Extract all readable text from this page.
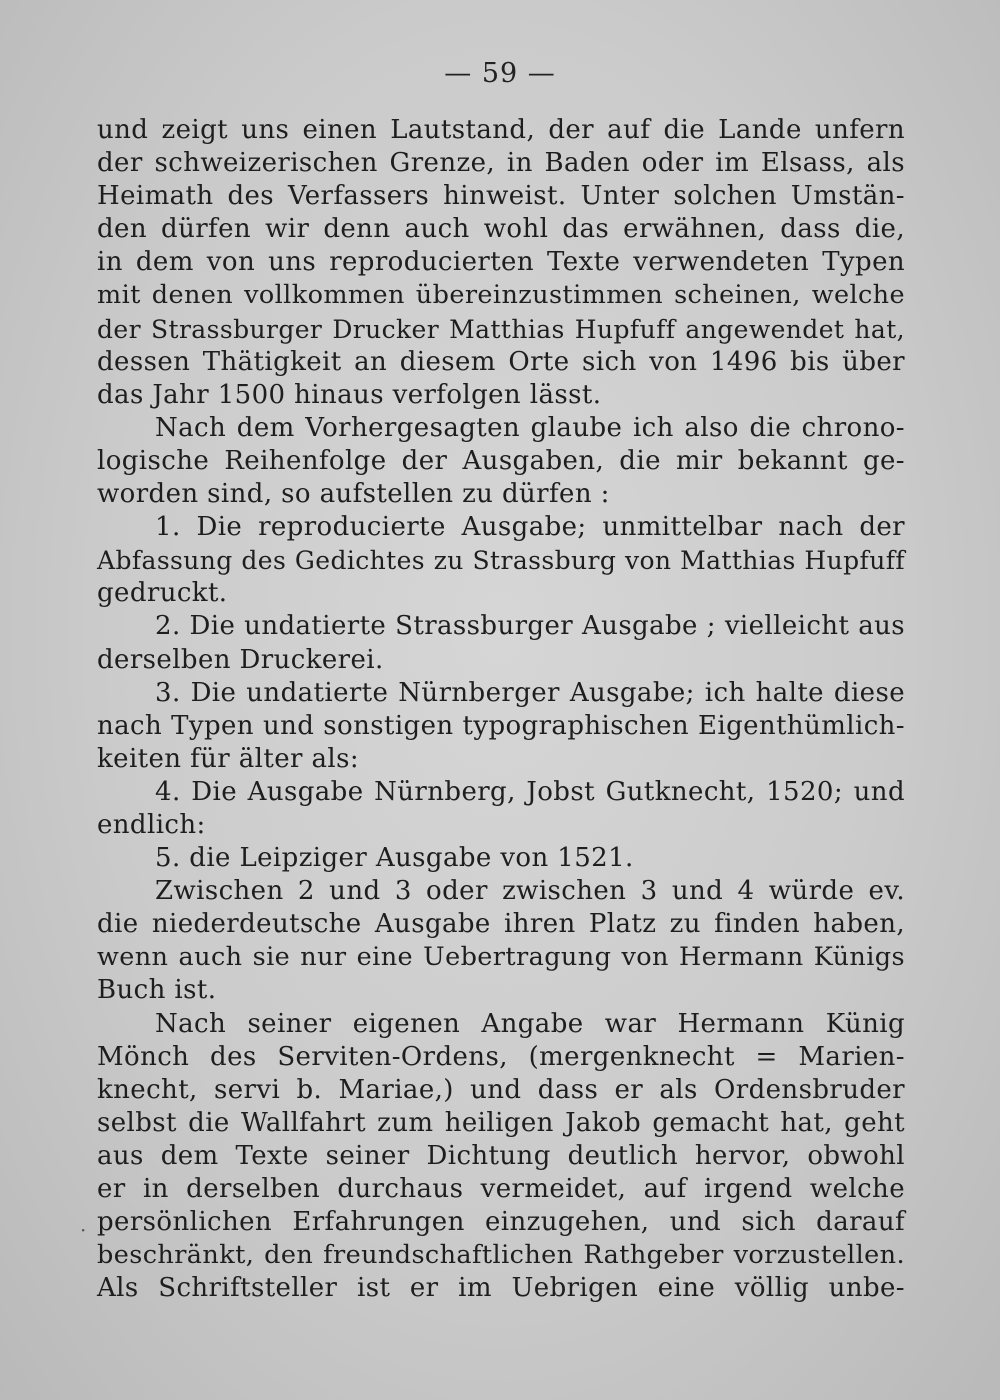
— 59 —
und zeigt uns einen Lautstand, der auf die Lande unfern
der schweizerischen Grenze, in Baden oder im Elsass, als
Heimath des Verfassers hinweist. Unter solchen Umstän-
den dürfen wir denn auch wohl das erwähnen, dass die,
in dem von uns reproducierten Texte verwendeten Typen
mit denen vollkommen übereinzustimmen scheinen, welche
der Strassburger Drucker Matthias Hupfuff angewendet hat,
dessen Thätigkeit an diesem Orte sich von 1496 bis über
das Jahr 1500 hinaus verfolgen lässt.
Nach dem Vorhergesagten glaube ich also die chrono-
logische Reihenfolge der Ausgaben, die mir bekannt ge-
worden sind, so aufstellen zu dürfen :
1. Die reproducierte Ausgabe; unmittelbar nach der
Abfassung des Gedichtes zu Strassburg von Matthias Hupfuff
gedruckt.
2. Die undatierte Strassburger Ausgabe ; vielleicht aus
derselben Druckerei.
3. Die undatierte Nürnberger Ausgabe; ich halte diese
nach Typen und sonstigen typographischen Eigenthümlich-
keiten für älter als:
4. Die Ausgabe Nürnberg, Jobst Gutknecht, 1520; und
endlich:
5. die Leipziger Ausgabe von 1521.
Zwischen 2 und 3 oder zwischen 3 und 4 würde ev.
die niederdeutsche Ausgabe ihren Platz zu finden haben,
wenn auch sie nur eine Uebertragung von Hermann Künigs
Buch ist.
Nach seiner eigenen Angabe war Hermann Künig
Mönch des Serviten-Ordens, (mergenknecht = Marien-
knecht, servi b. Mariae,) und dass er als Ordensbruder
selbst die Wallfahrt zum heiligen Jakob gemacht hat, geht
aus dem Texte seiner Dichtung deutlich hervor, obwohl
er in derselben durchaus vermeidet, auf irgend welche
persönlichen Erfahrungen einzugehen, und sich darauf
beschränkt, den freundschaftlichen Rathgeber vorzustellen.
Als Schriftsteller ist er im Uebrigen eine völlig unbe-
·
